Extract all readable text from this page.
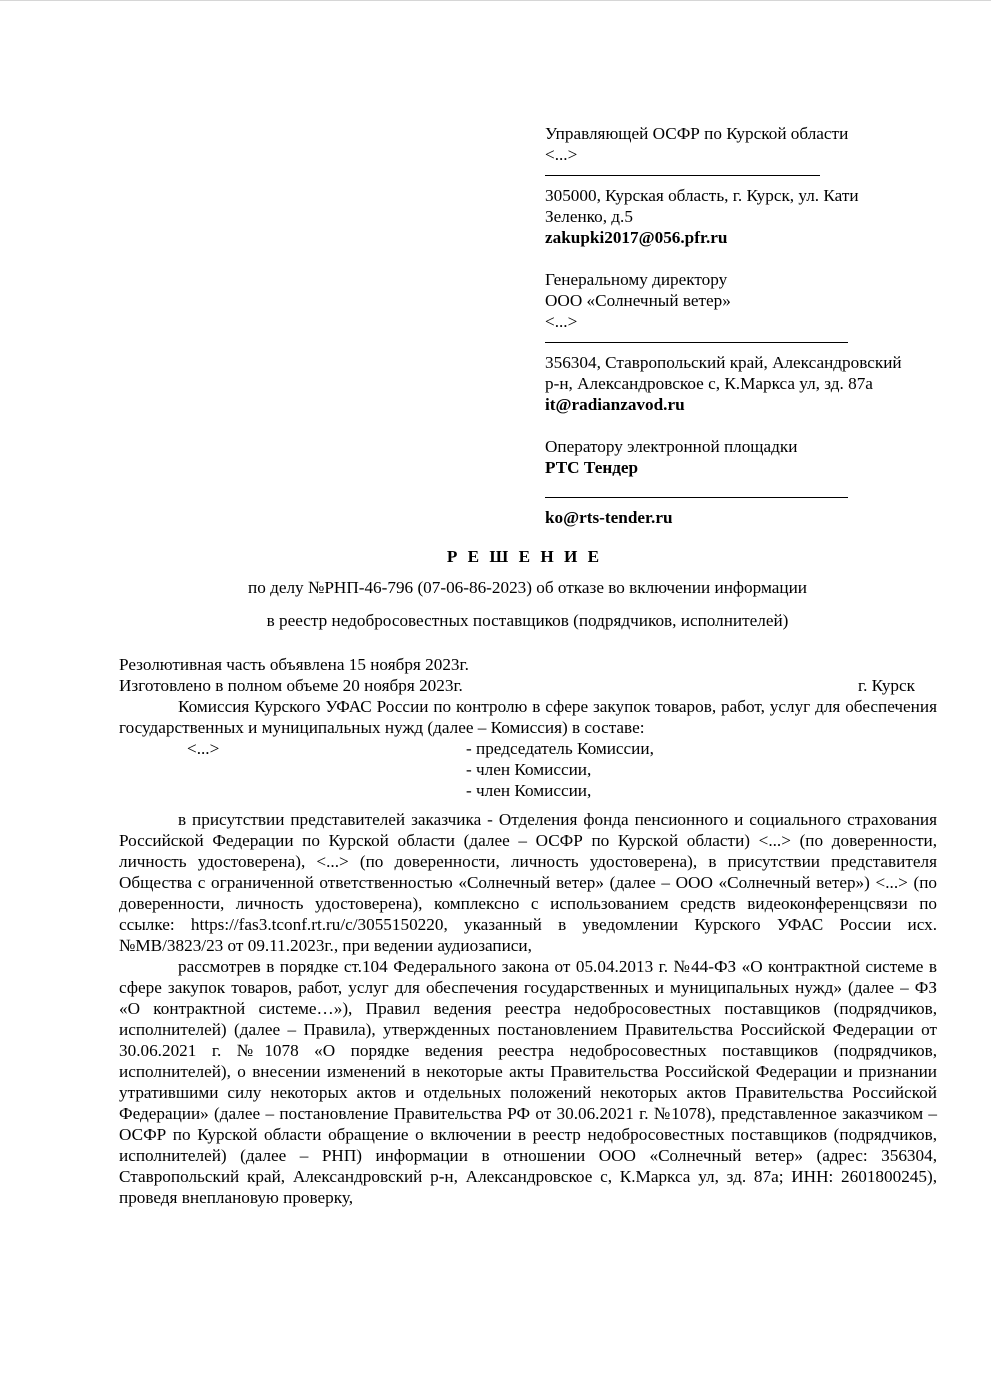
Управляющей ОСФР по Курской области
<...>
305000, Курская область, г. Курск, ул. Кати
Зеленко, д.5
zakupki2017@056.pfr.ru
Генеральному директору
ООО «Солнечный ветер»
<...>
356304, Ставропольский край, Александровский
р-н, Александровское с, К.Маркса ул, зд. 87а
it@radianzavod.ru
Оператору электронной площадки
РТС Тендер
ko@rts-tender.ru
Р Е Ш Е Н И Е
по делу №РНП-46-796 (07-06-86-2023) об отказе во включении информации
в реестр недобросовестных поставщиков (подрядчиков, исполнителей)
Резолютивная часть объявлена 15 ноября 2023г.
Изготовлено в полном объеме 20 ноября 2023г.	г. Курск

Комиссия Курского УФАС России по контролю в сфере закупок товаров, работ, услуг для обеспечения государственных и муниципальных нужд (далее – Комиссия) в составе:

<...>	- председатель Комиссии,
- член Комиссии,
- член Комиссии,

в присутствии представителей заказчика - Отделения фонда пенсионного и социального страхования Российской Федерации по Курской области (далее – ОСФР по Курской области) <...> (по доверенности, личность удостоверена), <...> (по доверенности, личность удостоверена), в присутствии представителя Общества с ограниченной ответственностью «Солнечный ветер» (далее – ООО «Солнечный ветер») <...> (по доверенности, личность удостоверена), комплексно с использованием средств видеоконференцсвязи по ссылке: https://fas3.tconf.rt.ru/c/3055150220, указанный в уведомлении Курского УФАС России исх. №МВ/3823/23 от 09.11.2023г., при ведении аудиозаписи,

рассмотрев в порядке ст.104 Федерального закона от 05.04.2013 г. №44-ФЗ «О контрактной системе в сфере закупок товаров, работ, услуг для обеспечения государственных и муниципальных нужд» (далее – ФЗ «О контрактной системе…»), Правил ведения реестра недобросовестных поставщиков (подрядчиков, исполнителей) (далее – Правила), утвержденных постановлением Правительства Российской Федерации от 30.06.2021 г. №1078 «О порядке ведения реестра недобросовестных поставщиков (подрядчиков, исполнителей), о внесении изменений в некоторые акты Правительства Российской Федерации и признании утратившими силу некоторых актов и отдельных положений некоторых актов Правительства Российской Федерации» (далее – постановление Правительства РФ от 30.06.2021 г. №1078), представленное заказчиком – ОСФР по Курской области обращение о включении в реестр недобросовестных поставщиков (подрядчиков, исполнителей) (далее – РНП) информации в отношении ООО «Солнечный ветер» (адрес: 356304, Ставропольский край, Александровский р-н, Александровское с, К.Маркса ул, зд. 87а; ИНН: 2601800245), проведя внеплановую проверку,
